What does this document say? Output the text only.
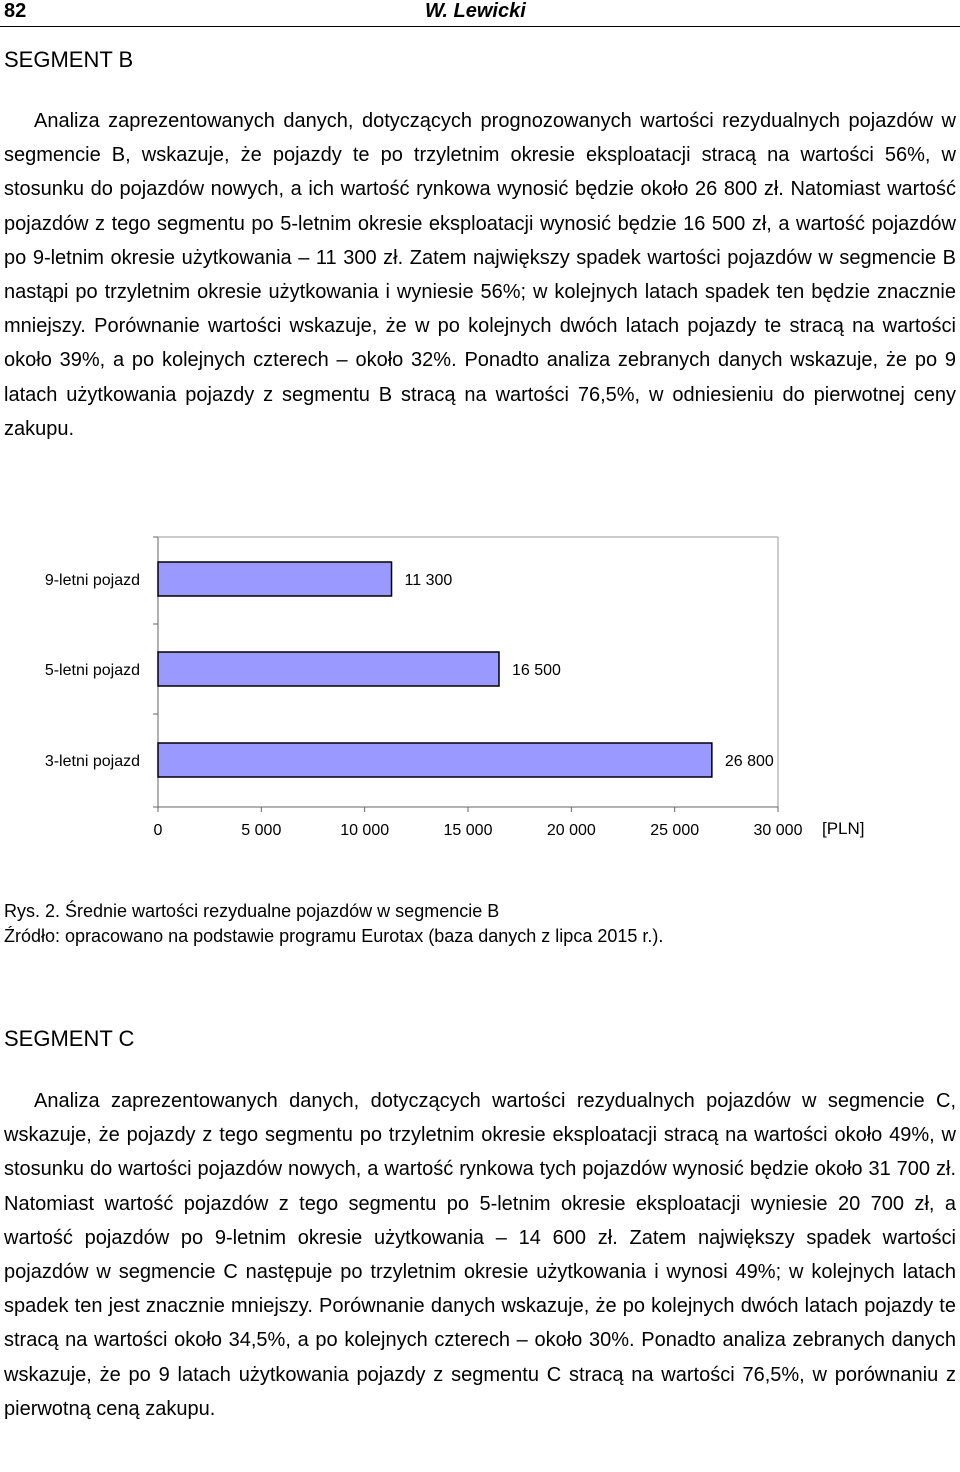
82	W. Lewicki
SEGMENT B

Analiza zaprezentowanych danych, dotyczących prognozowanych wartości rezydualnych pojazdów w segmencie B, wskazuje, że pojazdy te po trzyletnim okresie eksploatacji stracą na wartości 56%, w stosunku do pojazdów nowych, a ich wartość rynkowa wynosić będzie około 26 800 zł. Natomiast wartość pojazdów z tego segmentu po 5-letnim okresie eksploatacji wynosić będzie 16 500 zł, a wartość pojazdów po 9-letnim okresie użytkowania – 11 300 zł. Zatem największy spadek wartości pojazdów w segmencie B nastąpi po trzyletnim okresie użytkowania i wyniesie 56%; w kolejnych latach spadek ten będzie znacznie mniejszy. Porównanie wartości wskazuje, że w po kolejnych dwóch latach pojazdy te stracą na wartości około 39%, a po kolejnych czterech – około 32%. Ponadto analiza zebranych danych wskazuje, że po 9 latach użytkowania pojazdy z segmentu B stracą na wartości 76,5%, w odniesieniu do pierwotnej ceny zakupu.

0	5 000	10 000	15 000	20 000	25 000	30 000 [PLN]
9-letni pojazd	11 300
5-letni pojazd	16 500
3-letni pojazd	26 800
Rys. 2. Średnie wartości rezydualne pojazdów w segmencie B
Źródło: opracowano na podstawie programu Eurotax (baza danych z lipca 2015 r.).
SEGMENT C

Analiza zaprezentowanych danych, dotyczących wartości rezydualnych pojazdów w segmencie C, wskazuje, że pojazdy z tego segmentu po trzyletnim okresie eksploatacji stracą na wartości około 49%, w stosunku do wartości pojazdów nowych, a wartość rynkowa tych pojazdów wynosić będzie około 31 700 zł. Natomiast wartość pojazdów z tego segmentu po 5-letnim okresie eksploatacji wyniesie 20 700 zł, a wartość pojazdów po 9-letnim okresie użytkowania – 14 600 zł. Zatem największy spadek wartości pojazdów w segmencie C następuje po trzyletnim okresie użytkowania i wynosi 49%; w kolejnych latach spadek ten jest znacznie mniejszy. Porównanie danych wskazuje, że po kolejnych dwóch latach pojazdy te stracą na wartości około 34,5%, a po kolejnych czterech – około 30%. Ponadto analiza zebranych danych wskazuje, że po 9 latach użytkowania pojazdy z segmentu C stracą na wartości 76,5%, w porównaniu z pierwotną ceną zakupu.
